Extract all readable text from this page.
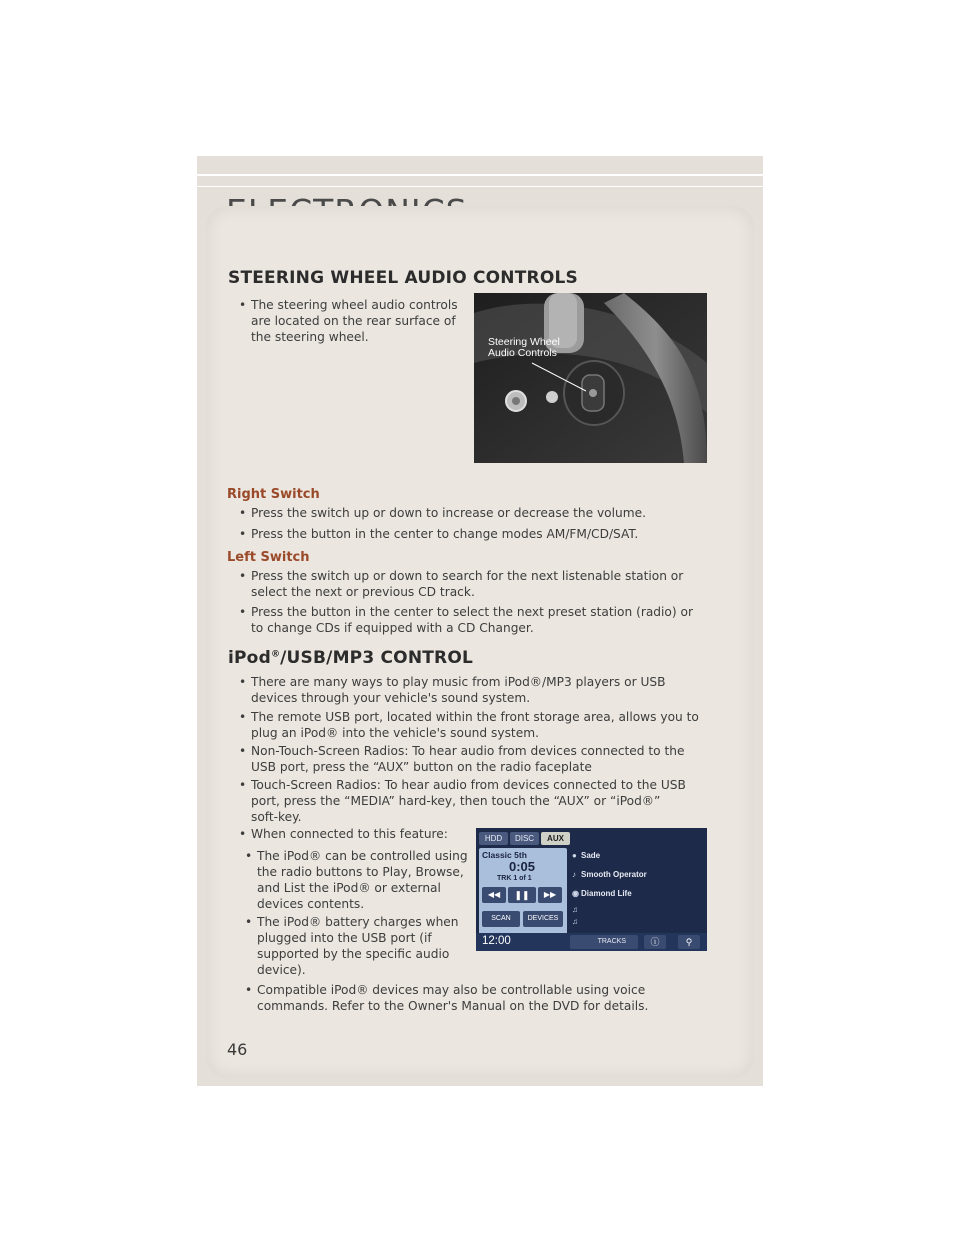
STEERING WHEEL AUDIO CONTROLS
• The steering wheel audio controls
are located on the rear surface of
the steering wheel.	Steering Wheel
Audio Controls
Right Switch
• Press the switch up or down to increase or decrease the volume.
• Press the button in the center to change modes AM/FM/CD/SAT.
Left Switch
• Press the switch up or down to search for the next listenable station or
select the next or previous CD track.
• Press the button in the center to select the next preset station (radio) or
to change CDs if equipped with a CD Changer.
iPod®/USB/MP3 CONTROL
• There are many ways to play music from iPod®/MP3 players or USB
devices through your vehicle's sound system.
• The remote USB port, located within the front storage area, allows you to
plug an iPod® into the vehicle's sound system.
• Non-Touch-Screen Radios: To hear audio from devices connected to the
USB port, press the “AUX” button on the radio faceplate
• Touch-Screen Radios: To hear audio from devices connected to the USB
port, press the “MEDIA” hard-key, then touch the “AUX” or “iPod®”
soft-key.
• When connected to this feature:
• The iPod® can be controlled using
the radio buttons to Play, Browse,
and List the iPod® or external
devices contents.
• The iPod® battery charges when
plugged into the USB port (if
supported by the specific audio
device).
• Compatible iPod® devices may also be controllable using voice
commands. Refer to the Owner's Manual on the DVD for details.
HDD	DISC	AUX
Classic 5th
0:05
TRK 1 of 1
◀◀	❚❚	▶▶
SCAN	DEVICES
● Sade
♪ Smooth Operator
◉ Diamond Life
♫
♫
12:00	TRACKS	ⓘ	⚲
46
